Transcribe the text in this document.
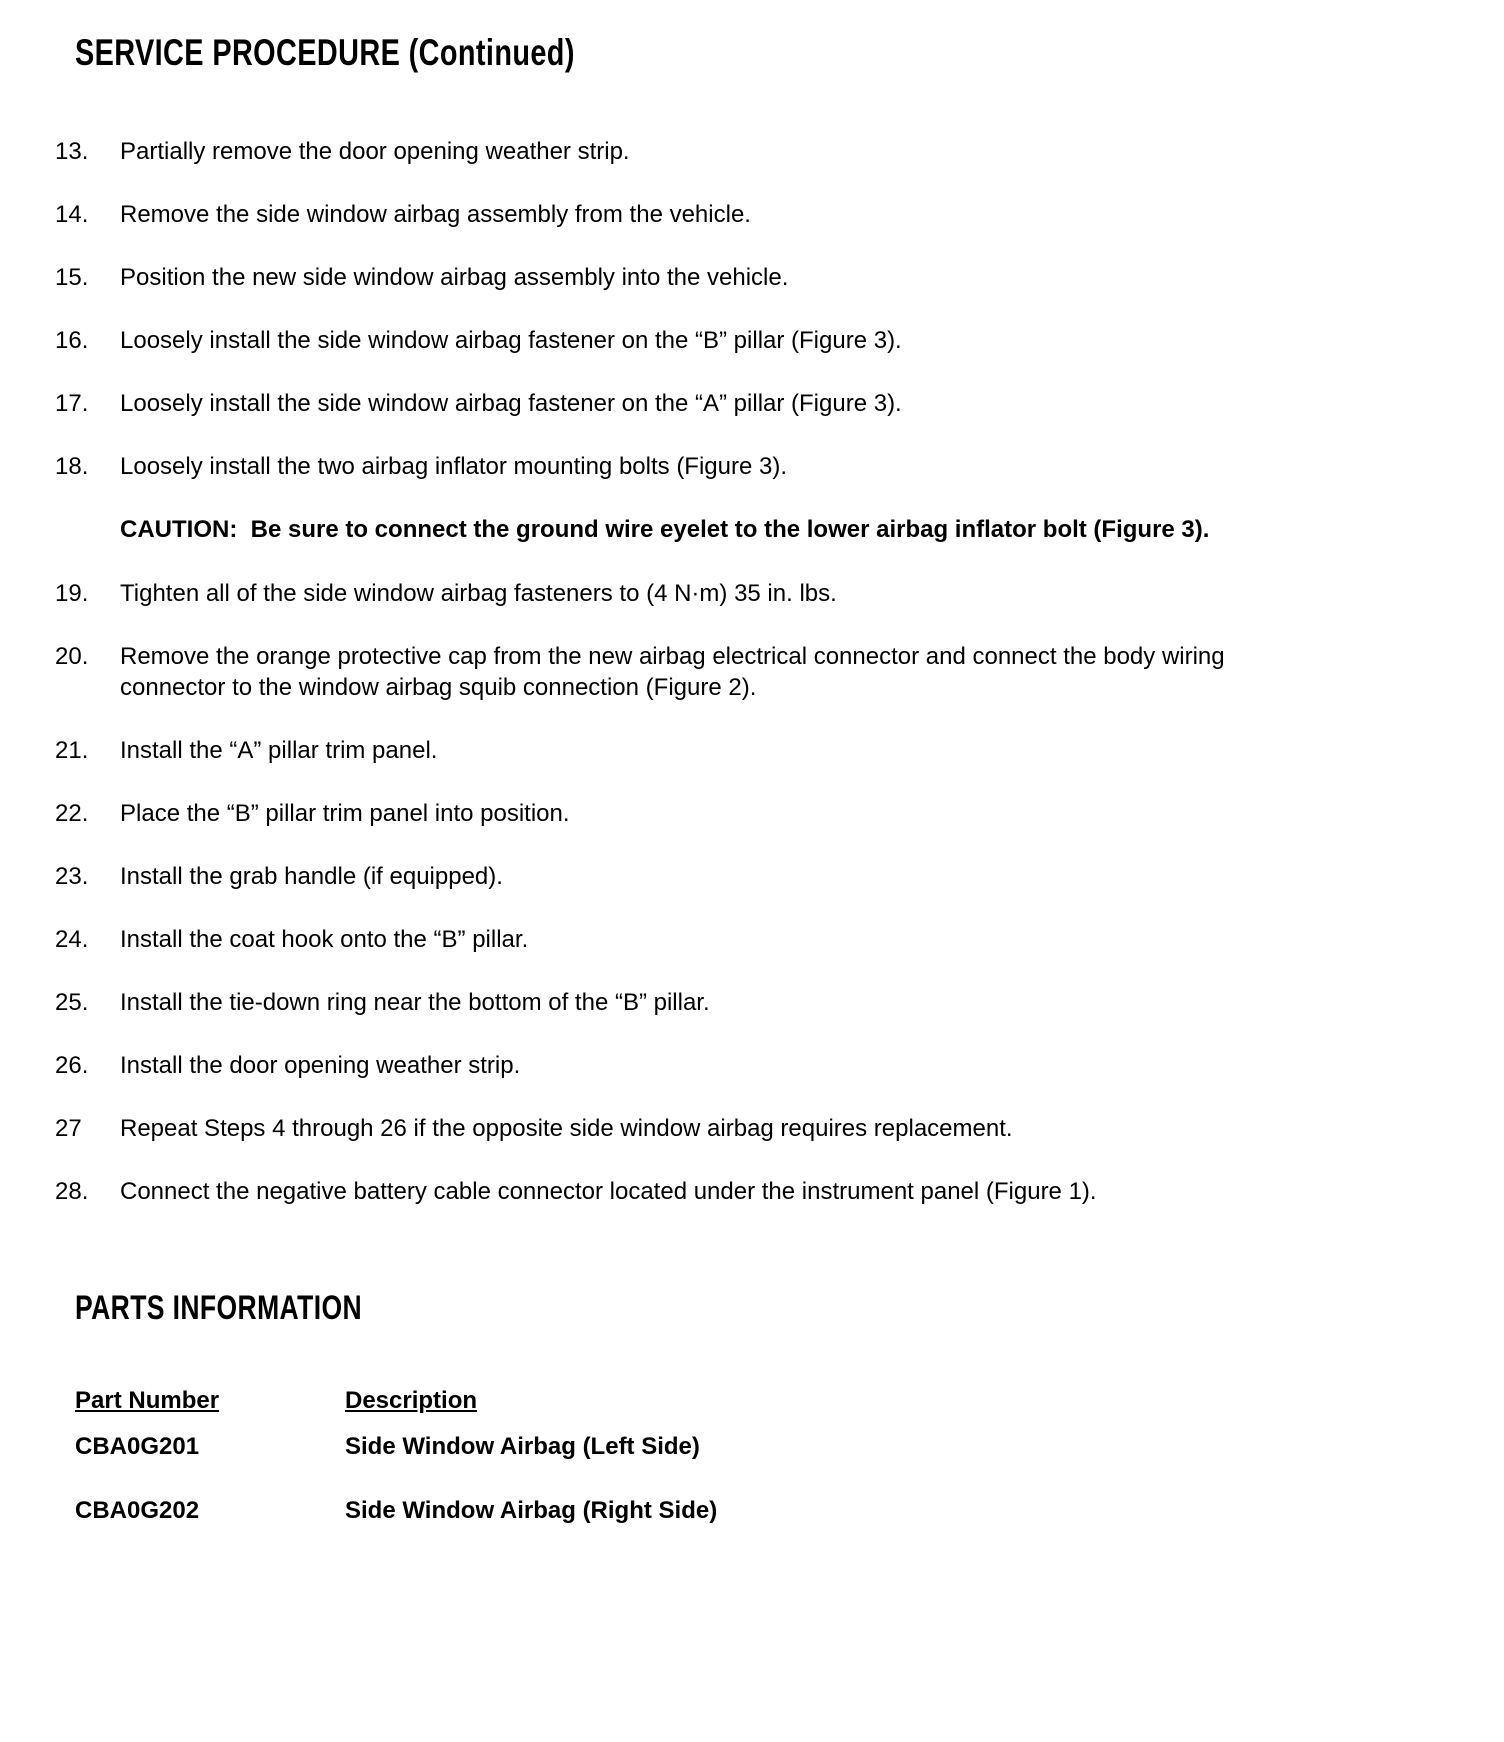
SERVICE PROCEDURE (Continued)
13.	Partially remove the door opening weather strip.
14.	Remove the side window airbag assembly from the vehicle.
15.	Position the new side window airbag assembly into the vehicle.
16.	Loosely install the side window airbag fastener on the “B” pillar (Figure 3).
17.	Loosely install the side window airbag fastener on the “A” pillar (Figure 3).
18.	Loosely install the two airbag inflator mounting bolts (Figure 3).
CAUTION:  Be sure to connect the ground wire eyelet to the lower airbag inflator bolt (Figure 3).
19.	Tighten all of the side window airbag fasteners to (4 N·m) 35 in. lbs.
20.	Remove the orange protective cap from the new airbag electrical connector and connect the body wiring connector to the window airbag squib connection (Figure 2).
21.	Install the “A” pillar trim panel.
22.	Place the “B” pillar trim panel into position.
23.	Install the grab handle (if equipped).
24.	Install the coat hook onto the “B” pillar.
25.	Install the tie-down ring near the bottom of the “B” pillar.
26.	Install the door opening weather strip.
27	Repeat Steps 4 through 26 if the opposite side window airbag requires replacement.
28.	Connect the negative battery cable connector located under the instrument panel (Figure 1).
PARTS INFORMATION
Part Number	Description
CBA0G201	Side Window Airbag (Left Side)
CBA0G202	Side Window Airbag (Right Side)
